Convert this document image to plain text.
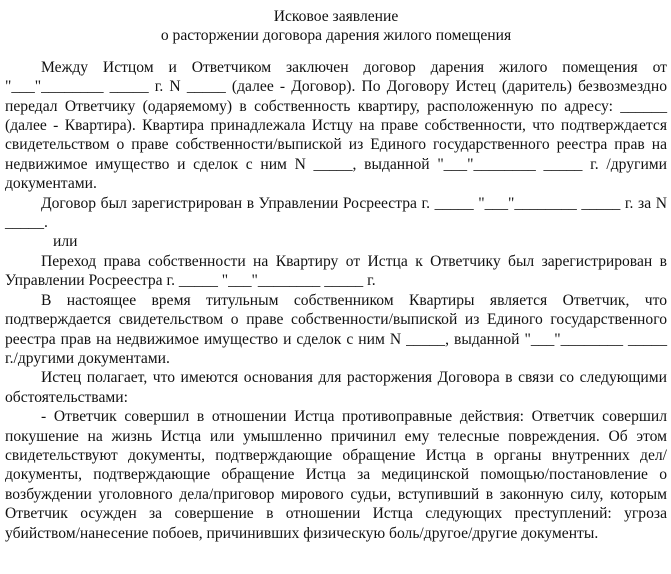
Исковое заявление
о расторжении договора дарения жилого помещения

Между Истцом и Ответчиком заключен договор дарения жилого помещения от "___"________ _____ г. N _____ (далее - Договор). По Договору Истец (даритель) безвозмездно передал Ответчику (одаряемому) в собственность квартиру, расположенную по адресу: ______ (далее - Квартира). Квартира принадлежала Истцу на праве собственности, что подтверждается свидетельством о праве собственности/выпиской из Единого государственного реестра прав на недвижимое имущество и сделок с ним N _____, выданной "___"________ _____ г. /другими документами.

Договор был зарегистрирован в Управлении Росреестра г. _____ "___"________ _____ г. за N _____.

или

Переход права собственности на Квартиру от Истца к Ответчику был зарегистрирован в Управлении Росреестра г. _____ "___"________ _____ г.

В настоящее время титульным собственником Квартиры является Ответчик, что подтверждается свидетельством о праве собственности/выпиской из Единого государственного реестра прав на недвижимое имущество и сделок с ним N _____, выданной "___"________ _____ г./другими документами.

Истец полагает, что имеются основания для расторжения Договора в связи со следующими обстоятельствами:

- Ответчик совершил в отношении Истца противоправные действия: Ответчик совершил покушение на жизнь Истца или умышленно причинил ему телесные повреждения. Об этом свидетельствуют документы, подтверждающие обращение Истца в органы внутренних дел/документы, подтверждающие обращение Истца за медицинской помощью/постановление о возбуждении уголовного дела/приговор мирового судьи, вступивший в законную силу, которым Ответчик осужден за совершение в отношении Истца следующих преступлений: угроза убийством/нанесение побоев, причинивших физическую боль/другое/другие документы.
